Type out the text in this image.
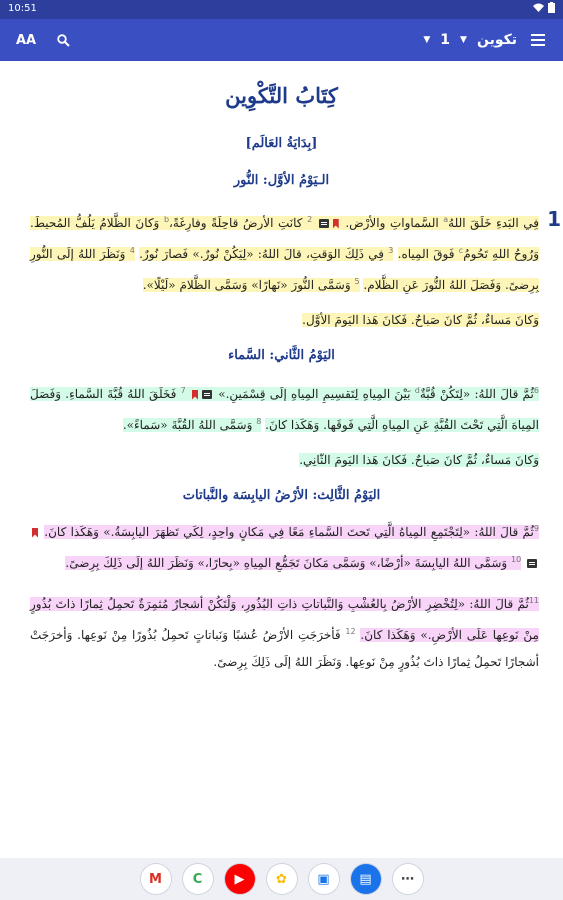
10:51
AA	▼ 1 ▼ تكوين
كِتَابُ التَّكْوِين
[بِدَايَةُ العَالَم]
الـيَوْمُ الأوَّل: النُّور
1
فِي البَدءِ خَلَقَ اللهُ$^a$ السَّماواتِ والأرْض.  $^2$ كانَتِ الأرضُ قاحِلَةً وفارِغَةً،$^b$ وَكانَ الظَّلامُ يَلُفُّ المُحيطَ. وَرُوحُ اللهِ تَحُومُ$^c$ فَوقَ المِياه. $^3$ فِي ذَلِكَ الوَقتِ، قالَ اللهُ: «لِيَكُنْ نُورٌ.» فَصارَ نُورٌ. $^4$ وَنَظَرَ اللهُ إلَى النُّورِ بِرِضىً. وَفَصَلَ اللهُ النُّورَ عَنِ الظَّلام. $^5$ وَسَمَّى النُّورَ «نَهارًا» وَسَمَّى الظَّلامَ «لَيْلًا».
وَكانَ مَساءٌ، ثُمَّ كانَ صَباحٌ. فَكانَ هَذا اليَومَ الأوَّل.
اليَوْمُ الثَّاني: السَّماء
$^6$ثُمَّ قالَ اللهُ: «لِتَكُنْ قُبَّةٌ$^d$ بَيْنَ المِياهِ لِتَقسِيمِ المِياهِ إلَى قِسْمَينِ.»  $^7$ فَخَلَقَ اللهُ قُبَّةَ السَّماءِ. وَفَصَلَ المِياهَ الَّتِي تَحْتَ القُبَّةِ عَنِ المِياهِ الَّتِي فَوقَها. وَهَكَذا كانَ. $^8$ وَسَمَّى اللهُ القُبَّةَ «سَماءً».
وَكانَ مَساءٌ، ثُمَّ كانَ صَباحٌ. فَكانَ هَذا اليَومَ الثّانِي.
اليَوْمُ الثَّالِث: الأرْضُ اليابِسَة والنَّباتات
$^9$ثُمَّ قالَ اللهُ: «لِتَجْتَمِعِ المِياهُ الَّتِي تَحتَ السَّماءِ مَعًا فِي مَكانٍ واحِدٍ، لِكَي تَظهَرَ اليابِسَةُ.» وَهَكَذا كانَ.  $^{10}$ وَسَمَّى اللهُ اليابِسَةَ «أرْضًا،» وَسَمَّى مَكانَ تَجَمُّعِ المِياهِ «بِحارًا،» وَنَظَرَ اللهُ إلَى ذَلِكَ بِرِضىً.
$^{11}$ثُمَّ قالَ اللهُ: «لِتُخْضِرِ الأرْضُ بِالعُشْبِ وَالنَّباتاتِ ذاتِ البُذُورِ، وَلْتَكُنْ أشجارٌ مُثمِرَةٌ تَحمِلُ ثِمارًا ذاتَ بُذُورٍ مِنْ نَوعِها عَلَى الأرْضِ.» وَهَكَذا كانَ. $^{12}$ فَأخرَجَتِ الأرْضُ عُشبًا وَنَباتاتٍ تَحمِلُ بُذُورًا مِنْ نَوعِها. وَأخرَجَتْ أشجارًا تَحمِلُ ثِمارًا ذاتَ بُذُورٍ مِنْ نَوعِها. وَنَظَرَ اللهُ إلَى ذَلِكَ بِرِضىً.
M	C	▶	✿	▣	▤	⋯
